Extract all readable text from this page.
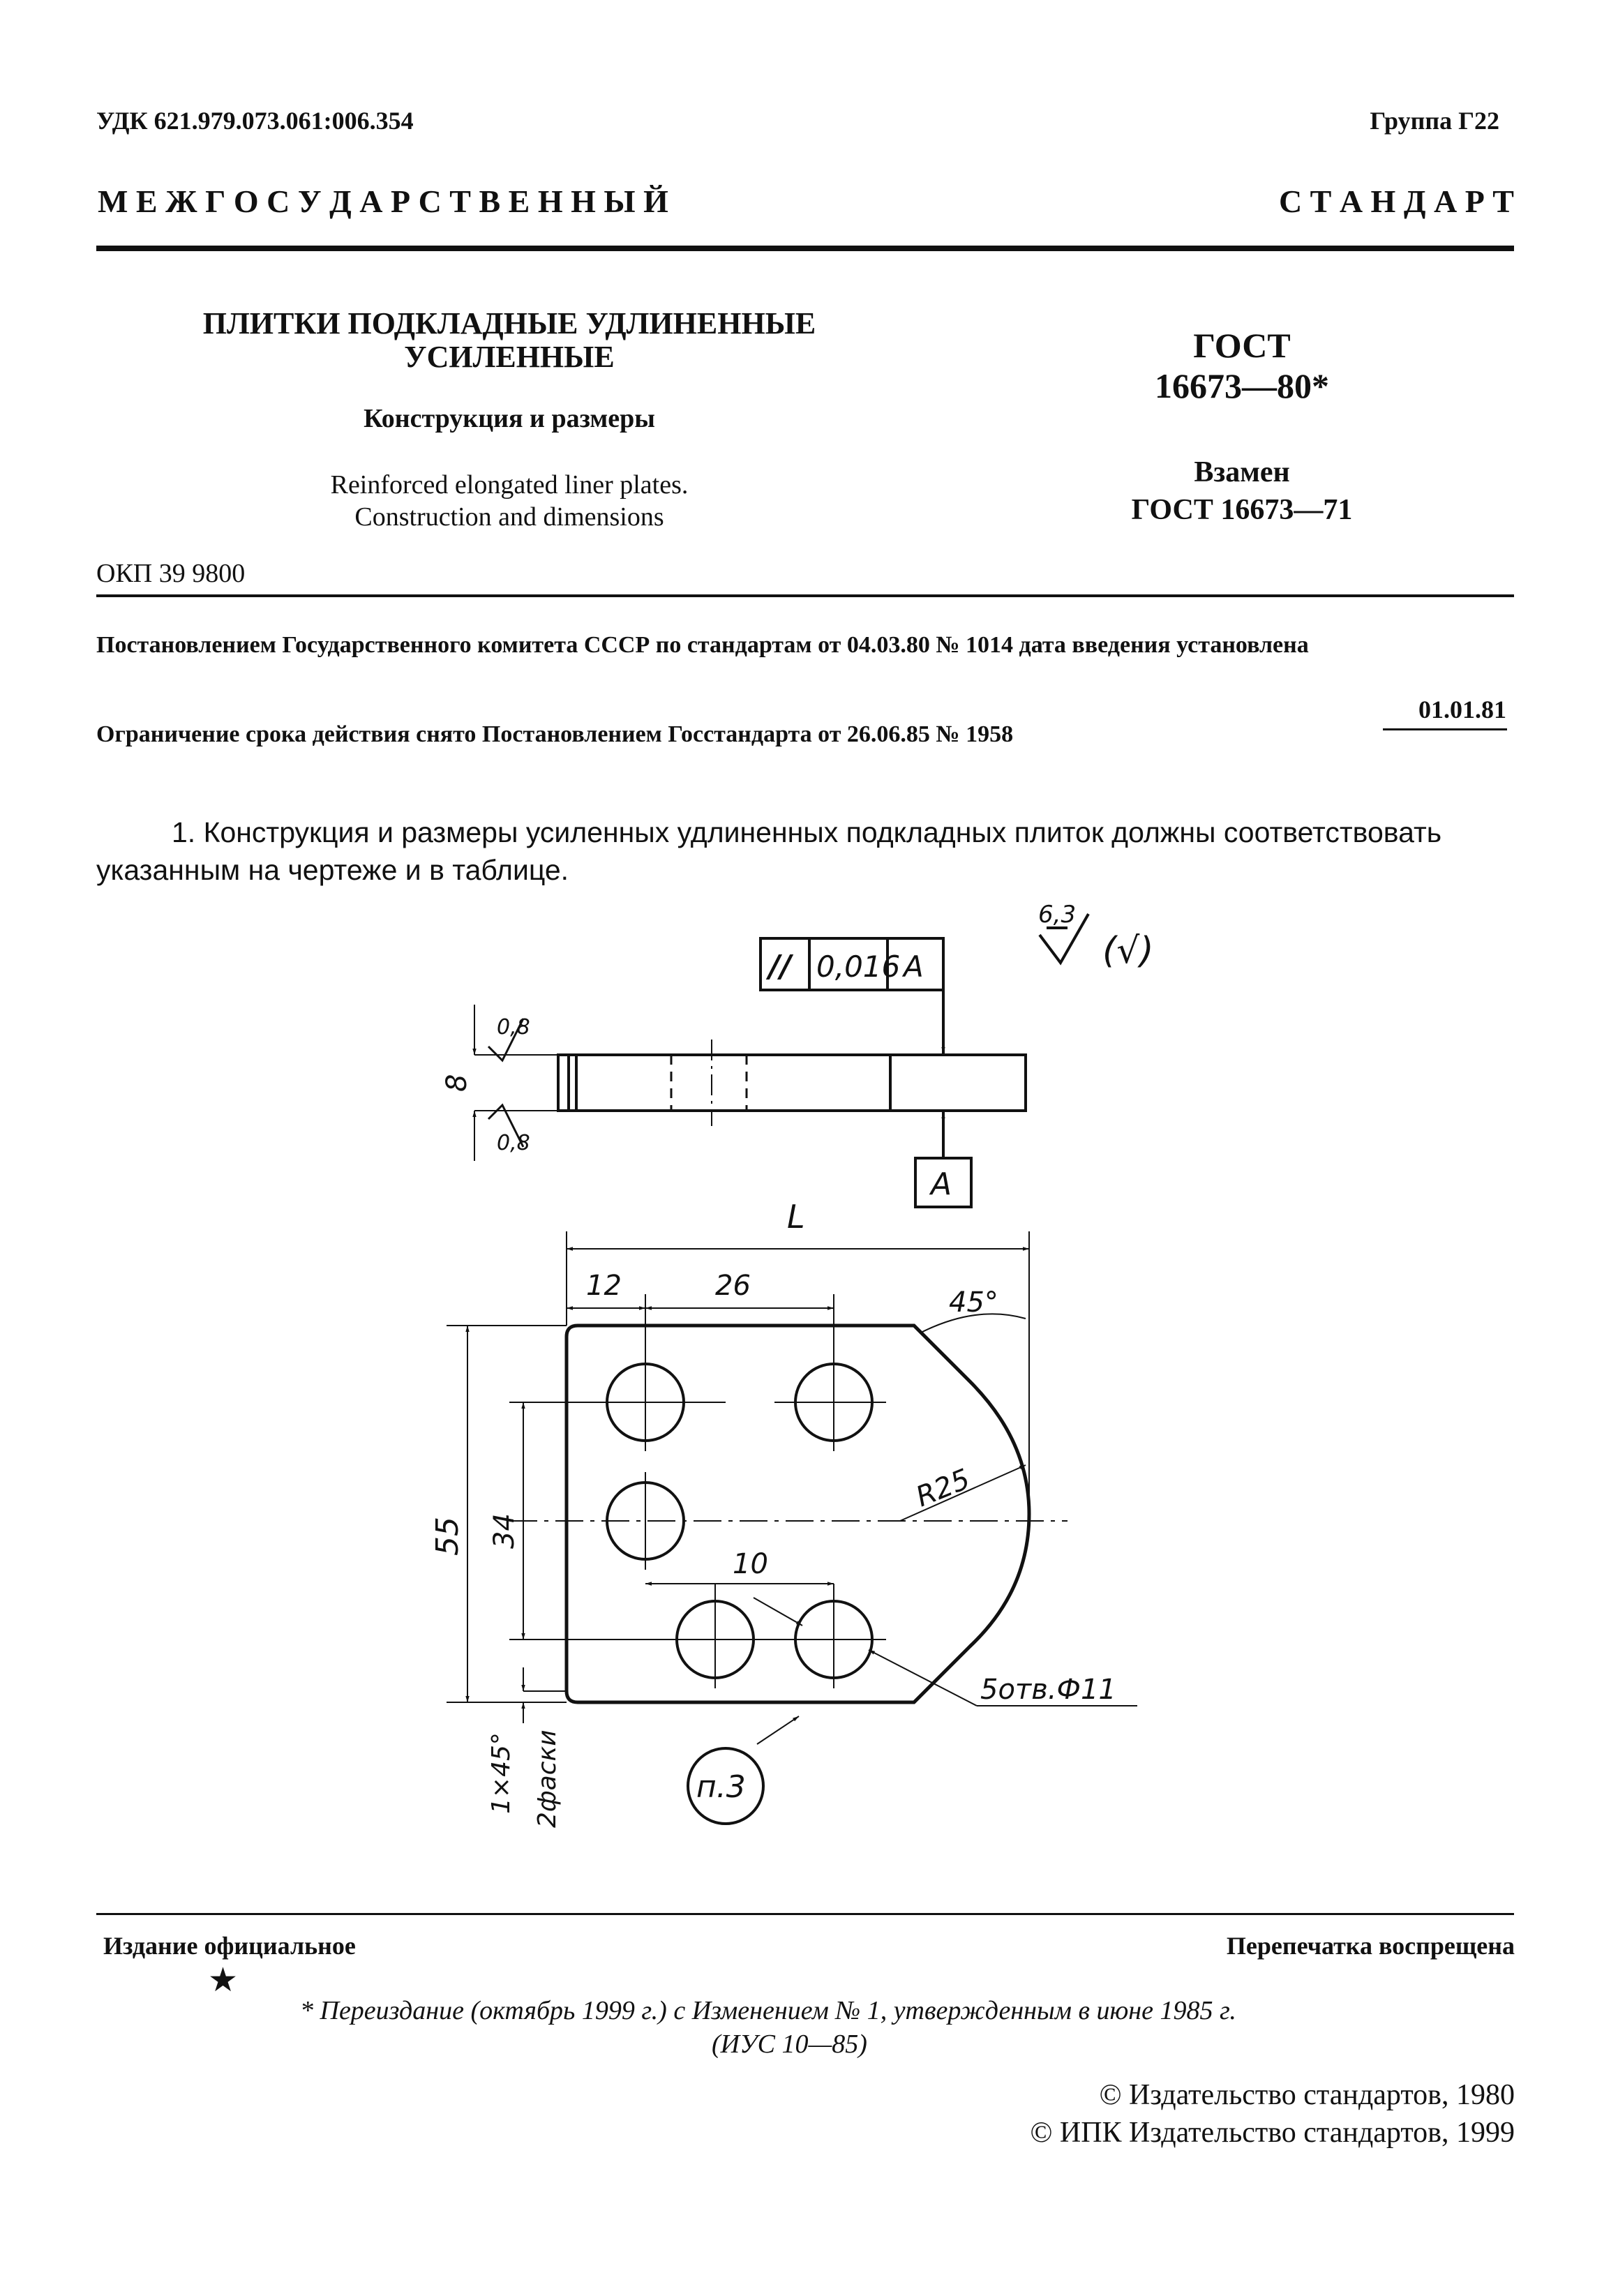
УДК 621.979.073.061:006.354	Группа Г22
М Е Ж Г О С У Д А Р С Т В Е Н Н Ы Й	С Т А Н Д А Р Т
ПЛИТКИ ПОДКЛАДНЫЕ УДЛИНЕННЫЕ
УСИЛЕННЫЕ
Конструкция и размеры
Reinforced elongated liner plates.
Construction and dimensions
ГОСТ
16673—80*
Взамен
ГОСТ 16673—71
ОКП 39 9800
Постановлением Государственного комитета СССР по стандартам от 04.03.80 № 1014 дата введения установлена
01.01.81
Ограничение срока действия снято Постановлением Госстандарта от 26.06.85 № 1958
1. Конструкция и размеры усиленных удлиненных подкладных плиток должны соответствовать
указанным на чертеже и в таблице.
6,3
(√)
// 0,016 A
A
0,8
0,8
8
L
12	26
45°
R25
55 34
10
5отв.Ф11
1×45° 2фаски	п.3
Издание официальное	Перепечатка воспрещена
★
* Переиздание (октябрь 1999 г.) с Изменением № 1, утвержденным в июне 1985 г.
(ИУС 10—85)
© Издательство стандартов, 1980
© ИПК Издательство стандартов, 1999
